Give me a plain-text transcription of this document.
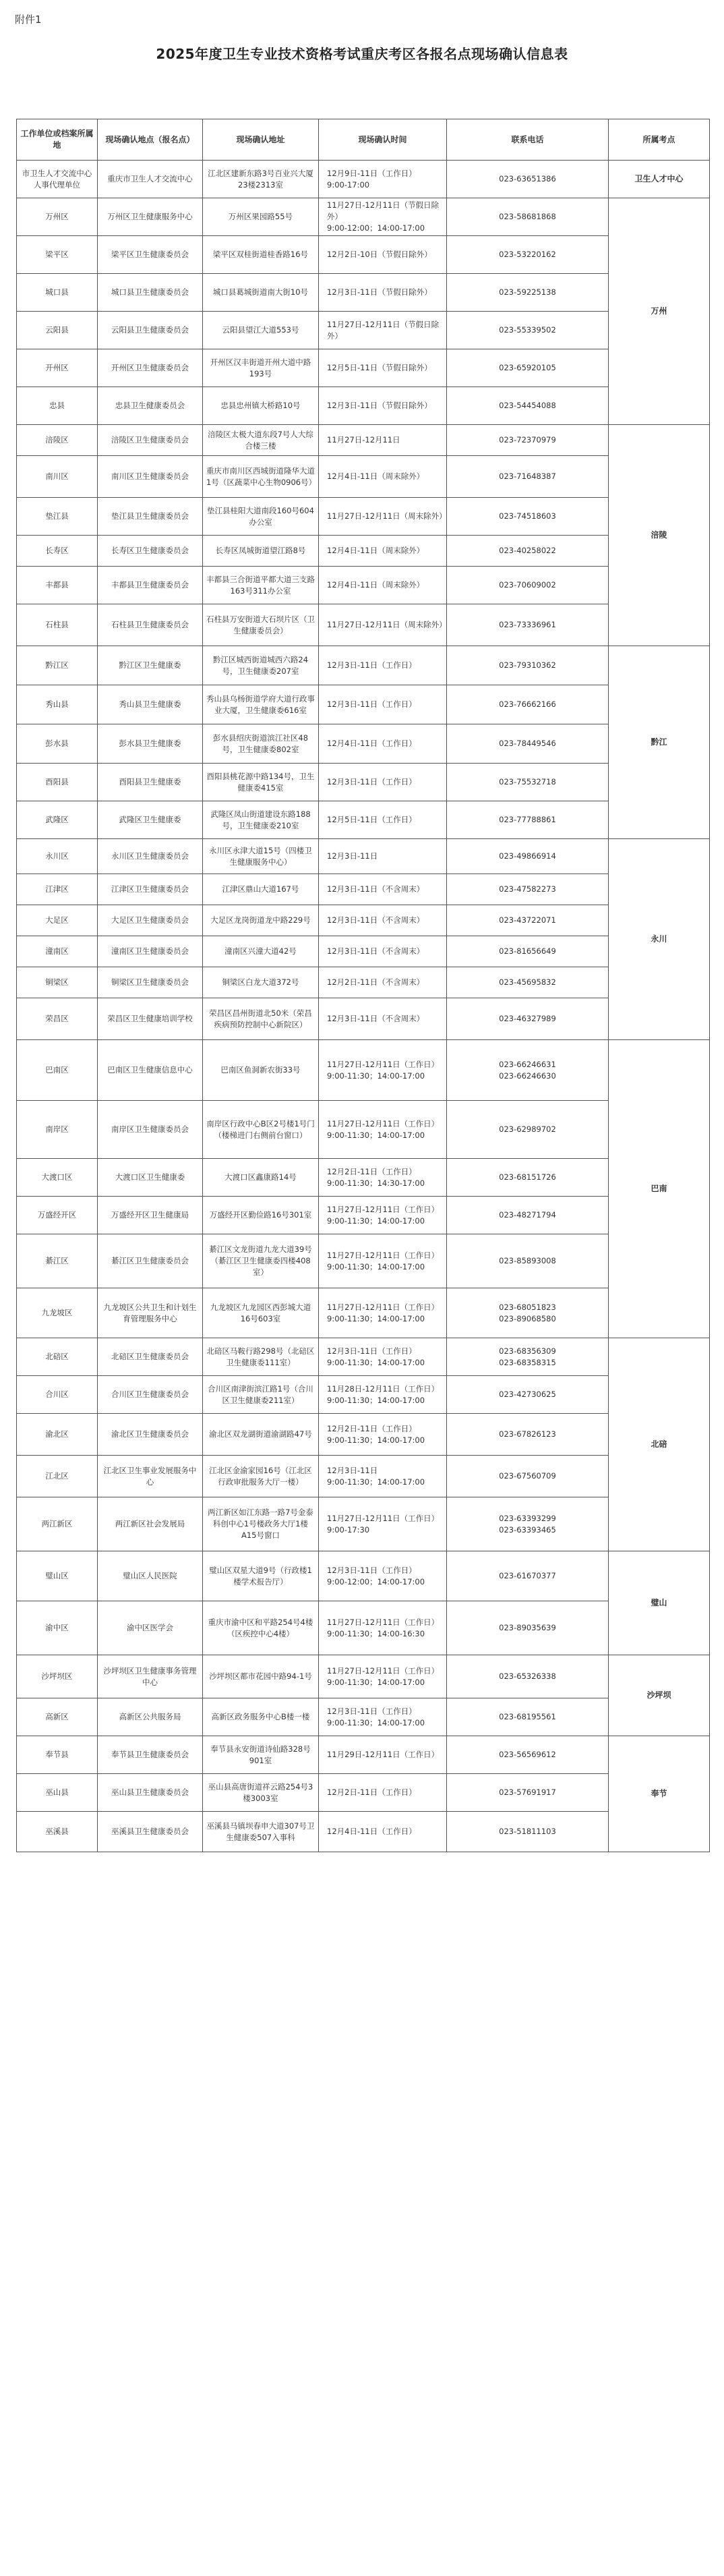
附件1
2025年度卫生专业技术资格考试重庆考区各报名点现场确认信息表
工作单位或档案所属地	现场确认地点（报名点）	现场确认地址	现场确认时间	联系电话	所属考点
市卫生人才交流中心人事代理单位	重庆市卫生人才交流中心	江北区建新东路3号百业兴大厦23楼2313室	12月9日-11日（工作日）
9:00-17:00	023-63651386	卫生人才中心
万州区	万州区卫生健康服务中心	万州区果园路55号	11月27日-12月11日（节假日除外）
9:00-12:00；14:00-17:00	023-58681868	万州
梁平区	梁平区卫生健康委员会	梁平区双桂街道桂香路16号	12月2日-10日（节假日除外）	023-53220162	

城口县	城口县卫生健康委员会	城口县葛城街道南大街10号	12月3日-11日（节假日除外）	023-59225138	

云阳县	云阳县卫生健康委员会	云阳县望江大道553号	11月27日-12月11日（节假日除外）	023-55339502	

开州区	开州区卫生健康委员会	开州区汉丰街道开州大道中路193号	12月5日-11日（节假日除外）	023-65920105	

忠县	忠县卫生健康委员会	忠县忠州镇大桥路10号	12月3日-11日（节假日除外）	023-54454088	

涪陵区	涪陵区卫生健康委员会	涪陵区太极大道东段7号人大综合楼三楼	11月27日-12月11日	023-72370979	涪陵
南川区	南川区卫生健康委员会	重庆市南川区西城街道隆华大道1号（区蔬菜中心生物0906号）	12月4日-11日（周末除外）	023-71648387	

垫江县	垫江县卫生健康委员会	垫江县桂阳大道南段160号604办公室	11月27日-12月11日（周末除外）	023-74518603	

长寿区	长寿区卫生健康委员会	长寿区凤城街道望江路8号	12月4日-11日（周末除外）	023-40258022	

丰都县	丰都县卫生健康委员会	丰都县三合街道平都大道三支路163号311办公室	12月4日-11日（周末除外）	023-70609002	

石柱县	石柱县卫生健康委员会	石柱县万安街道大石坝片区（卫生健康委员会）	11月27日-12月11日（周末除外）	023-73336961	

黔江区	黔江区卫生健康委	黔江区城西街道城西六路24号，卫生健康委207室	12月3日-11日（工作日）	023-79310362	黔江
秀山县	秀山县卫生健康委	秀山县乌杨街道学府大道行政事业大厦，卫生健康委616室	12月3日-11日（工作日）	023-76662166	

彭水县	彭水县卫生健康委	彭水县绍庆街道滨江社区48号，卫生健康委802室	12月4日-11日（工作日）	023-78449546	

酉阳县	酉阳县卫生健康委	酉阳县桃花源中路134号，卫生健康委415室	12月3日-11日（工作日）	023-75532718	

武隆区	武隆区卫生健康委	武隆区凤山街道建设东路188号，卫生健康委210室	12月5日-11日（工作日）	023-77788861	

永川区	永川区卫生健康委员会	永川区永津大道15号（四楼卫生健康服务中心）	12月3日-11日	023-49866914	永川
江津区	江津区卫生健康委员会	江津区鼎山大道167号	12月3日-11日（不含周末）	023-47582273	

大足区	大足区卫生健康委员会	大足区龙岗街道龙中路229号	12月3日-11日（不含周末）	023-43722071	

潼南区	潼南区卫生健康委员会	潼南区兴潼大道42号	12月3日-11日（不含周末）	023-81656649	

铜梁区	铜梁区卫生健康委员会	铜梁区白龙大道372号	12月2日-11日（不含周末）	023-45695832	

荣昌区	荣昌区卫生健康培训学校	荣昌区昌州街道北50米（荣昌疾病预防控制中心新院区）	12月3日-11日（不含周末）	023-46327989	

巴南区	巴南区卫生健康信息中心	巴南区鱼洞新农街33号	11月27日-12月11日（工作日）
9:00-11:30；14:00-17:00	023-66246631
023-66246630	巴南
南岸区	南岸区卫生健康委员会	南岸区行政中心B区2号楼1号门（楼梯进门右侧前台窗口）	11月27日-12月11日（工作日）
9:00-11:30；14:00-17:00	023-62989702	

大渡口区	大渡口区卫生健康委	大渡口区鑫康路14号	12月2日-11日（工作日）
9:00-11:30；14:30-17:00	023-68151726	

万盛经开区	万盛经开区卫生健康局	万盛经开区勤俭路16号301室	11月27日-12月11日（工作日）
9:00-11:30；14:00-17:00	023-48271794	

綦江区	綦江区卫生健康委员会	綦江区文龙街道九龙大道39号（綦江区卫生健康委四楼408室）	11月27日-12月11日（工作日）
9:00-11:30；14:00-17:00	023-85893008	

九龙坡区	九龙坡区公共卫生和计划生育管理服务中心	九龙坡区九龙园区西彭城大道16号603室	11月27日-12月11日（工作日）
9:00-11:30；14:00-17:00	023-68051823
023-89068580	

北碚区	北碚区卫生健康委员会	北碚区马鞍行路298号（北碚区卫生健康委111室）	12月3日-11日（工作日）
9:00-11:30；14:00-17:00	023-68356309
023-68358315	北碚
合川区	合川区卫生健康委员会	合川区南津街滨江路1号（合川区卫生健康委211室）	11月28日-12月11日（工作日）
9:00-11:30；14:00-17:00	023-42730625	

渝北区	渝北区卫生健康委员会	渝北区双龙湖街道渝湖路47号	12月2日-11日（工作日）
9:00-11:30；14:00-17:00	023-67826123	

江北区	江北区卫生事业发展服务中心	江北区金渝家园16号（江北区行政审批服务大厅一楼）	12月3日-11日
9:00-11:30；14:00-17:00	023-67560709	

两江新区	两江新区社会发展局	两江新区如江东路一路7号金泰科创中心1号楼政务大厅1楼A15号窗口	11月27日-12月11日（工作日）
9:00-17:30	023-63393299
023-63393465	

璧山区	璧山区人民医院	璧山区双星大道9号（行政楼1楼学术报告厅）	12月3日-11日（工作日）
9:00-12:00；14:00-17:00	023-61670377	璧山
渝中区	渝中区医学会	重庆市渝中区和平路254号4楼（区疾控中心4楼）	11月27日-12月11日（工作日）
9:00-11:30；14:00-16:30	023-89035639	

沙坪坝区	沙坪坝区卫生健康事务管理中心	沙坪坝区都市花园中路94-1号	11月27日-12月11日（工作日）
9:00-11:30；14:00-17:00	023-65326338	沙坪坝
高新区	高新区公共服务局	高新区政务服务中心B楼一楼	12月3日-11日（工作日）
9:00-11:30；14:00-17:00	023-68195561	

奉节县	奉节县卫生健康委员会	奉节县永安街道诗仙路328号901室	11月29日-12月11日（工作日）	023-56569612	奉节
巫山县	巫山县卫生健康委员会	巫山县高唐街道祥云路254号3楼3003室	12月2日-11日（工作日）	023-57691917	

巫溪县	巫溪县卫生健康委员会	巫溪县马镇坝春申大道307号卫生健康委507入事科	12月4日-11日（工作日）	023-51811103	
